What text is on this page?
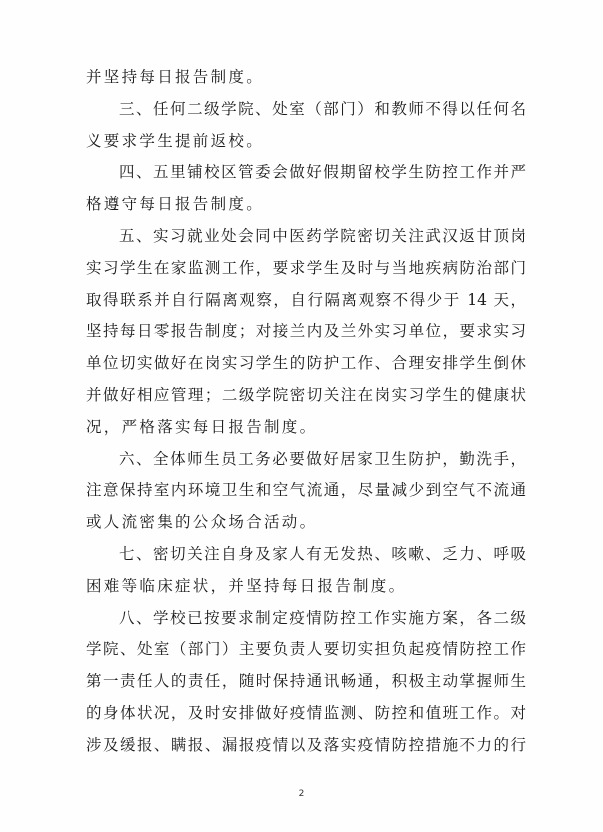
并坚持每日报告制度。
三、任何二级学院、处室（部门）和教师不得以任何名
义要求学生提前返校。
四、五里铺校区管委会做好假期留校学生防控工作并严
格遵守每日报告制度。
五、实习就业处会同中医药学院密切关注武汉返甘顶岗
实习学生在家监测工作，要求学生及时与当地疾病防治部门
取得联系并自行隔离观察，自行隔离观察不得少于 14 天，
坚持每日零报告制度；对接兰内及兰外实习单位，要求实习
单位切实做好在岗实习学生的防护工作、合理安排学生倒休
并做好相应管理；二级学院密切关注在岗实习学生的健康状
况，严格落实每日报告制度。
六、全体师生员工务必要做好居家卫生防护，勤洗手，
注意保持室内环境卫生和空气流通，尽量减少到空气不流通
或人流密集的公众场合活动。
七、密切关注自身及家人有无发热、咳嗽、乏力、呼吸
困难等临床症状，并坚持每日报告制度。
八、学校已按要求制定疫情防控工作实施方案，各二级
学院、处室（部门）主要负责人要切实担负起疫情防控工作
第一责任人的责任，随时保持通讯畅通，积极主动掌握师生
的身体状况，及时安排做好疫情监测、防控和值班工作。对
涉及缓报、瞒报、漏报疫情以及落实疫情防控措施不力的行
2
